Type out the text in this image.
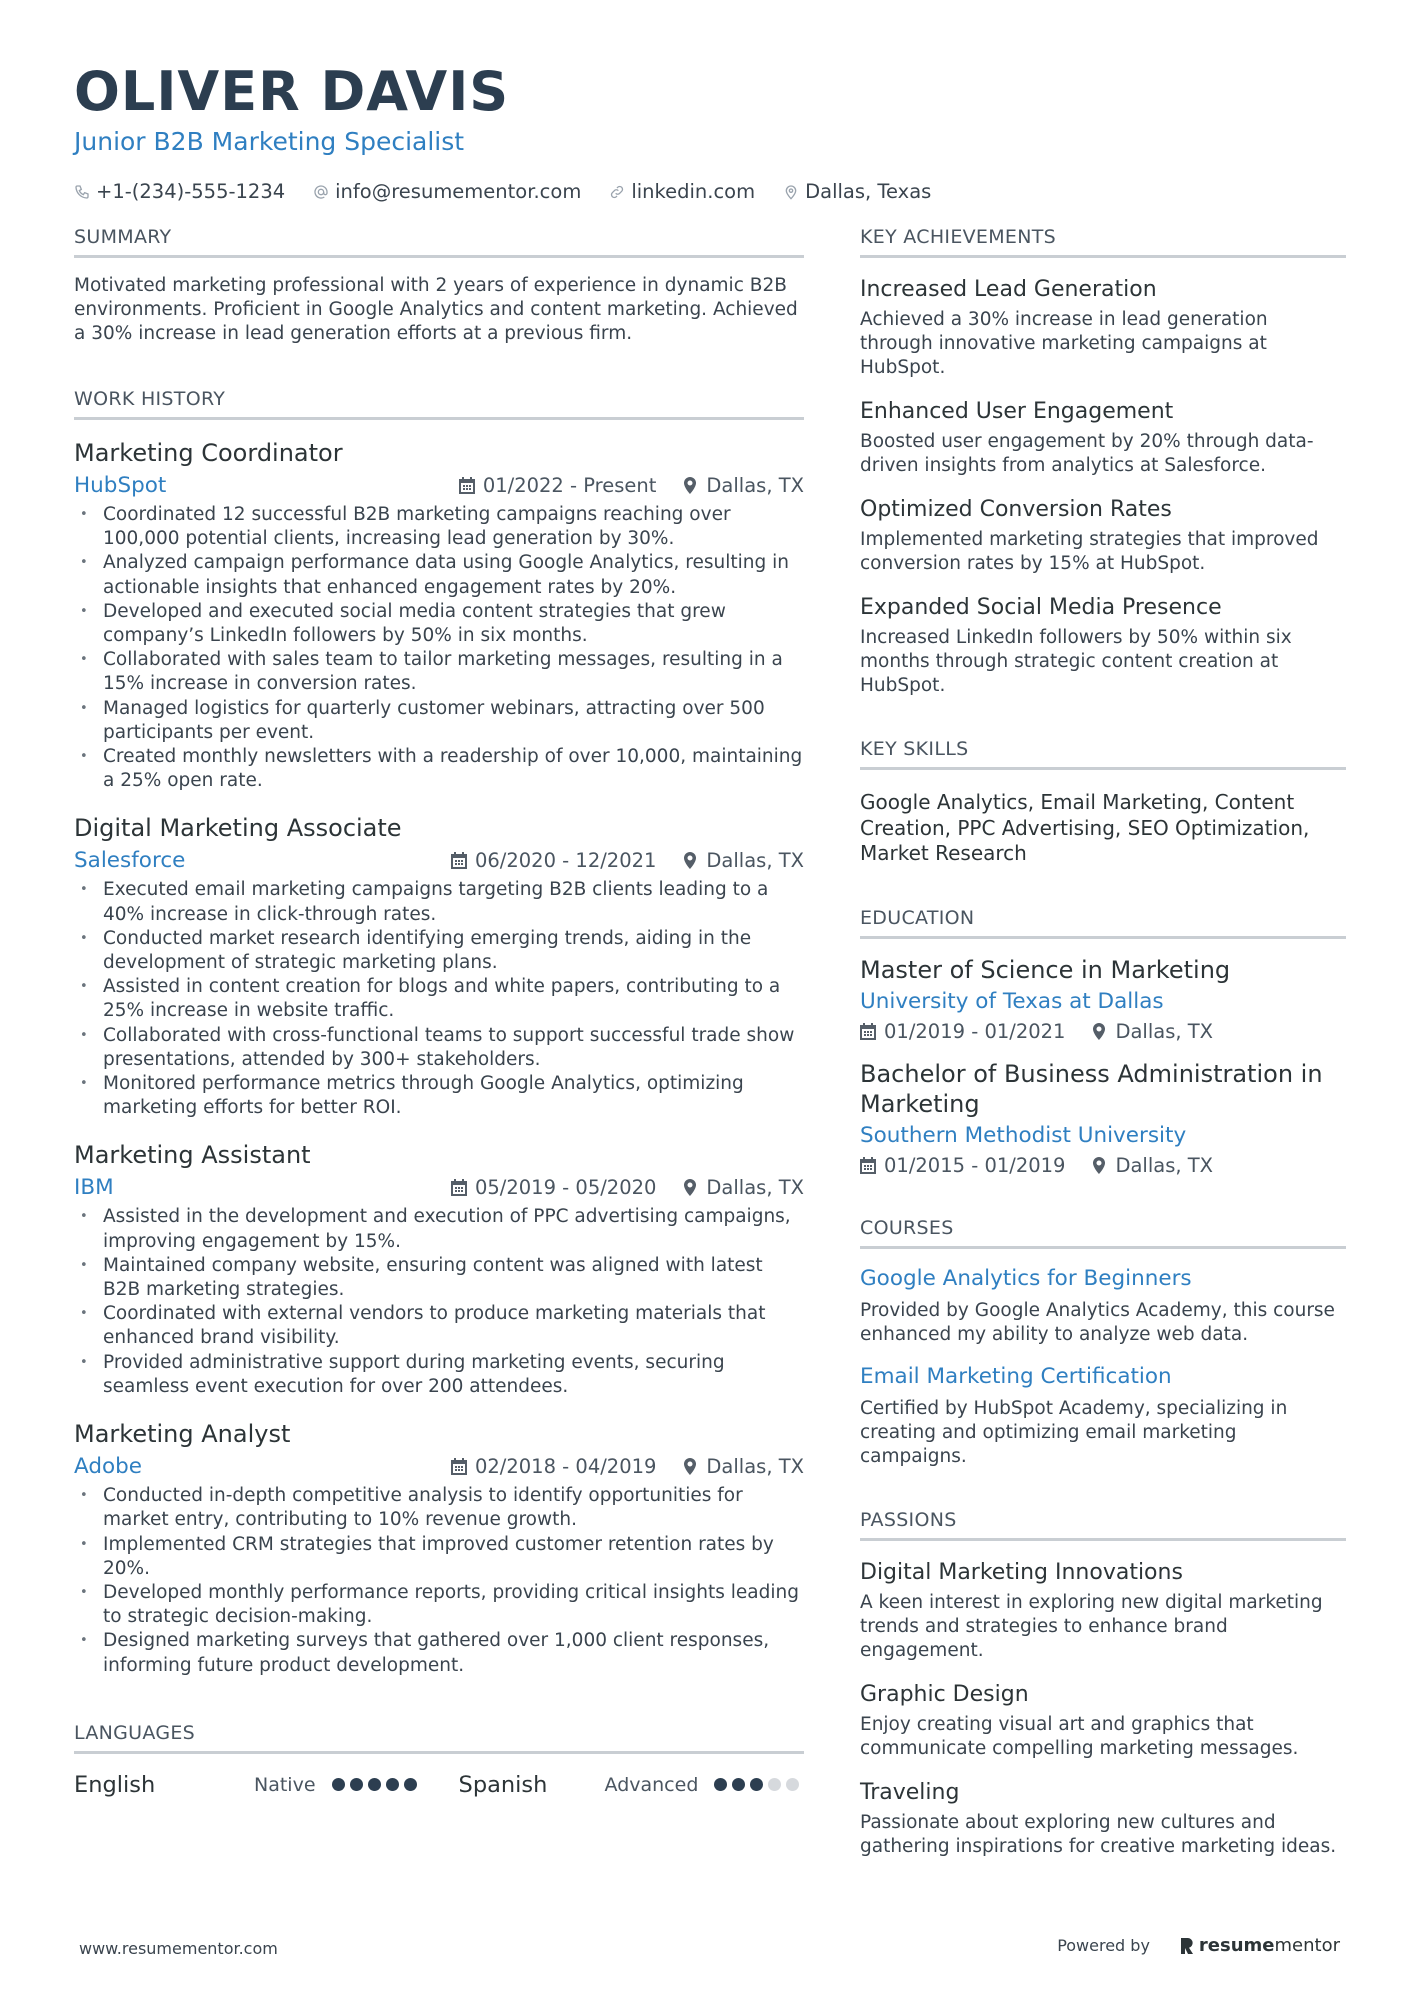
OLIVER DAVIS
Junior B2B Marketing Specialist
+1-(234)-555-1234	info@resumementor.com	linkedin.com	Dallas, Texas
SUMMARY
Motivated marketing professional with 2 years of experience in dynamic B2B environments. Proficient in Google Analytics and content marketing. Achieved a 30% increase in lead generation efforts at a previous firm.
WORK HISTORY
Marketing Coordinator
HubSpot	01/2022 - Present	Dallas, TX
• Coordinated 12 successful B2B marketing campaigns reaching over 100,000 potential clients, increasing lead generation by 30%.
• Analyzed campaign performance data using Google Analytics, resulting in actionable insights that enhanced engagement rates by 20%.
• Developed and executed social media content strategies that grew company’s LinkedIn followers by 50% in six months.
• Collaborated with sales team to tailor marketing messages, resulting in a 15% increase in conversion rates.
• Managed logistics for quarterly customer webinars, attracting over 500 participants per event.
• Created monthly newsletters with a readership of over 10,000, maintaining a 25% open rate.
Digital Marketing Associate
Salesforce	06/2020 - 12/2021	Dallas, TX
• Executed email marketing campaigns targeting B2B clients leading to a 40% increase in click-through rates.
• Conducted market research identifying emerging trends, aiding in the development of strategic marketing plans.
• Assisted in content creation for blogs and white papers, contributing to a 25% increase in website traffic.
• Collaborated with cross-functional teams to support successful trade show presentations, attended by 300+ stakeholders.
• Monitored performance metrics through Google Analytics, optimizing marketing efforts for better ROI.
Marketing Assistant
IBM	05/2019 - 05/2020	Dallas, TX
• Assisted in the development and execution of PPC advertising campaigns, improving engagement by 15%.
• Maintained company website, ensuring content was aligned with latest B2B marketing strategies.
• Coordinated with external vendors to produce marketing materials that enhanced brand visibility.
• Provided administrative support during marketing events, securing seamless event execution for over 200 attendees.
Marketing Analyst
Adobe	02/2018 - 04/2019	Dallas, TX
• Conducted in-depth competitive analysis to identify opportunities for market entry, contributing to 10% revenue growth.
• Implemented CRM strategies that improved customer retention rates by 20%.
• Developed monthly performance reports, providing critical insights leading to strategic decision-making.
• Designed marketing surveys that gathered over 1,000 client responses, informing future product development.
LANGUAGES
English	Native	Spanish	Advanced
KEY ACHIEVEMENTS
Increased Lead Generation
Achieved a 30% increase in lead generation through innovative marketing campaigns at HubSpot.
Enhanced User Engagement
Boosted user engagement by 20% through data-driven insights from analytics at Salesforce.
Optimized Conversion Rates
Implemented marketing strategies that improved conversion rates by 15% at HubSpot.
Expanded Social Media Presence
Increased LinkedIn followers by 50% within six months through strategic content creation at HubSpot.
KEY SKILLS
Google Analytics, Email Marketing, Content Creation, PPC Advertising, SEO Optimization, Market Research
EDUCATION
Master of Science in Marketing
University of Texas at Dallas
01/2019 - 01/2021	Dallas, TX
Bachelor of Business Administration in Marketing
Southern Methodist University
01/2015 - 01/2019	Dallas, TX
COURSES
Google Analytics for Beginners
Provided by Google Analytics Academy, this course enhanced my ability to analyze web data.
Email Marketing Certification
Certified by HubSpot Academy, specializing in creating and optimizing email marketing campaigns.
PASSIONS
Digital Marketing Innovations
A keen interest in exploring new digital marketing trends and strategies to enhance brand engagement.
Graphic Design
Enjoy creating visual art and graphics that communicate compelling marketing messages.
Traveling
Passionate about exploring new cultures and gathering inspirations for creative marketing ideas.
www.resumementor.com	Powered by	resumementor
